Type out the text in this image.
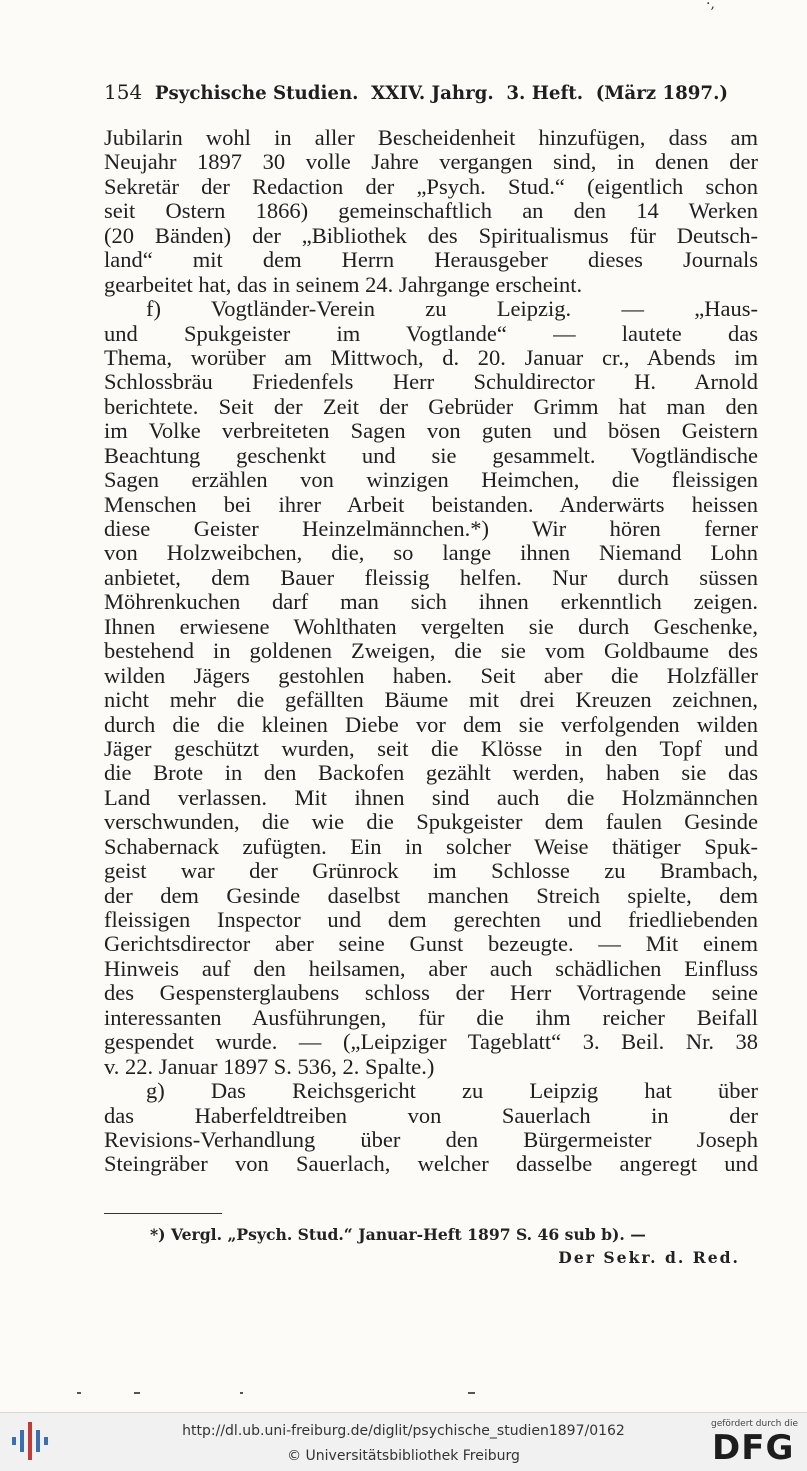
·,
154 Psychische Studien.  XXIV. Jahrg.  3. Heft.  (März 1897.)
Jubilarin wohl in aller Bescheidenheit hinzufügen, dass am
Neujahr 1897 30 volle Jahre vergangen sind, in denen der
Sekretär der Redaction der „Psych. Stud.“ (eigentlich schon
seit Ostern 1866) gemeinschaftlich an den 14 Werken
(20 Bänden) der „Bibliothek des Spiritualismus für Deutsch-
land“ mit dem Herrn Herausgeber dieses Journals
gearbeitet hat, das in seinem 24. Jahrgange erscheint.
f) Vogtländer-Verein zu Leipzig. — „Haus-
und Spukgeister im Vogtlande“ — lautete das
Thema, worüber am Mittwoch, d. 20. Januar cr., Abends im
Schlossbräu Friedenfels Herr Schuldirector H. Arnold
berichtete. Seit der Zeit der Gebrüder Grimm hat man den
im Volke verbreiteten Sagen von guten und bösen Geistern
Beachtung geschenkt und sie gesammelt. Vogtländische
Sagen erzählen von winzigen Heimchen, die fleissigen
Menschen bei ihrer Arbeit beistanden. Anderwärts heissen
diese Geister Heinzelmännchen.*) Wir hören ferner
von Holzweibchen, die, so lange ihnen Niemand Lohn
anbietet, dem Bauer fleissig helfen. Nur durch süssen
Möhrenkuchen darf man sich ihnen erkenntlich zeigen.
Ihnen erwiesene Wohlthaten vergelten sie durch Geschenke,
bestehend in goldenen Zweigen, die sie vom Goldbaume des
wilden Jägers gestohlen haben. Seit aber die Holzfäller
nicht mehr die gefällten Bäume mit drei Kreuzen zeichnen,
durch die die kleinen Diebe vor dem sie verfolgenden wilden
Jäger geschützt wurden, seit die Klösse in den Topf und
die Brote in den Backofen gezählt werden, haben sie das
Land verlassen. Mit ihnen sind auch die Holzmännchen
verschwunden, die wie die Spukgeister dem faulen Gesinde
Schabernack zufügten. Ein in solcher Weise thätiger Spuk-
geist war der Grünrock im Schlosse zu Brambach,
der dem Gesinde daselbst manchen Streich spielte, dem
fleissigen Inspector und dem gerechten und friedliebenden
Gerichtsdirector aber seine Gunst bezeugte. — Mit einem
Hinweis auf den heilsamen, aber auch schädlichen Einfluss
des Gespensterglaubens schloss der Herr Vortragende seine
interessanten Ausführungen, für die ihm reicher Beifall
gespendet wurde. — („Leipziger Tageblatt“ 3. Beil. Nr. 38
v. 22. Januar 1897 S. 536, 2. Spalte.)
g) Das Reichsgericht zu Leipzig hat über
das Haberfeldtreiben von Sauerlach in der
Revisions-Verhandlung über den Bürgermeister Joseph
Steingräber von Sauerlach, welcher dasselbe angeregt und
*) Vergl. „Psych. Stud.“ Januar-Heft 1897 S. 46 sub b). —
Der Sekr. d. Red.
http://dl.ub.uni-freiburg.de/diglit/psychische_studien1897/0162
© Universitätsbibliothek Freiburg
gefördert durch die
DFG
